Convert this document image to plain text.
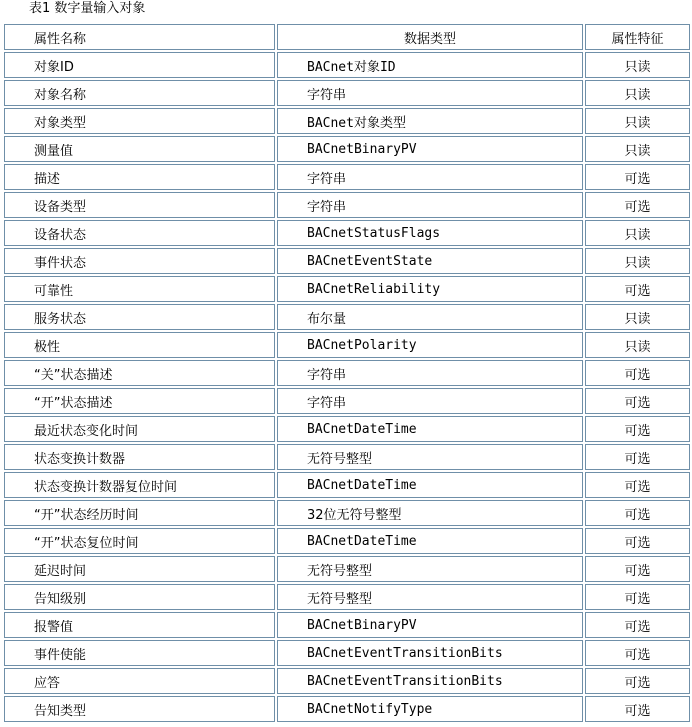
表1 数字量输入对象
属性名称	数据类型	属性特征
对象ID	BACnet对象ID	只读
对象名称	字符串	只读
对象类型	BACnet对象类型	只读
测量值	BACnetBinaryPV	只读
描述	字符串	可选
设备类型	字符串	可选
设备状态	BACnetStatusFlags	只读
事件状态	BACnetEventState	只读
可靠性	BACnetReliability	可选
服务状态	布尔量	只读
极性	BACnetPolarity	只读
“关”状态描述	字符串	可选
“开”状态描述	字符串	可选
最近状态变化时间	BACnetDateTime	可选
状态变换计数器	无符号整型	可选
状态变换计数器复位时间	BACnetDateTime	可选
“开”状态经历时间	32位无符号整型	可选
“开”状态复位时间	BACnetDateTime	可选
延迟时间	无符号整型	可选
告知级别	无符号整型	可选
报警值	BACnetBinaryPV	可选
事件使能	BACnetEventTransitionBits	可选
应答	BACnetEventTransitionBits	可选
告知类型	BACnetNotifyType	可选
